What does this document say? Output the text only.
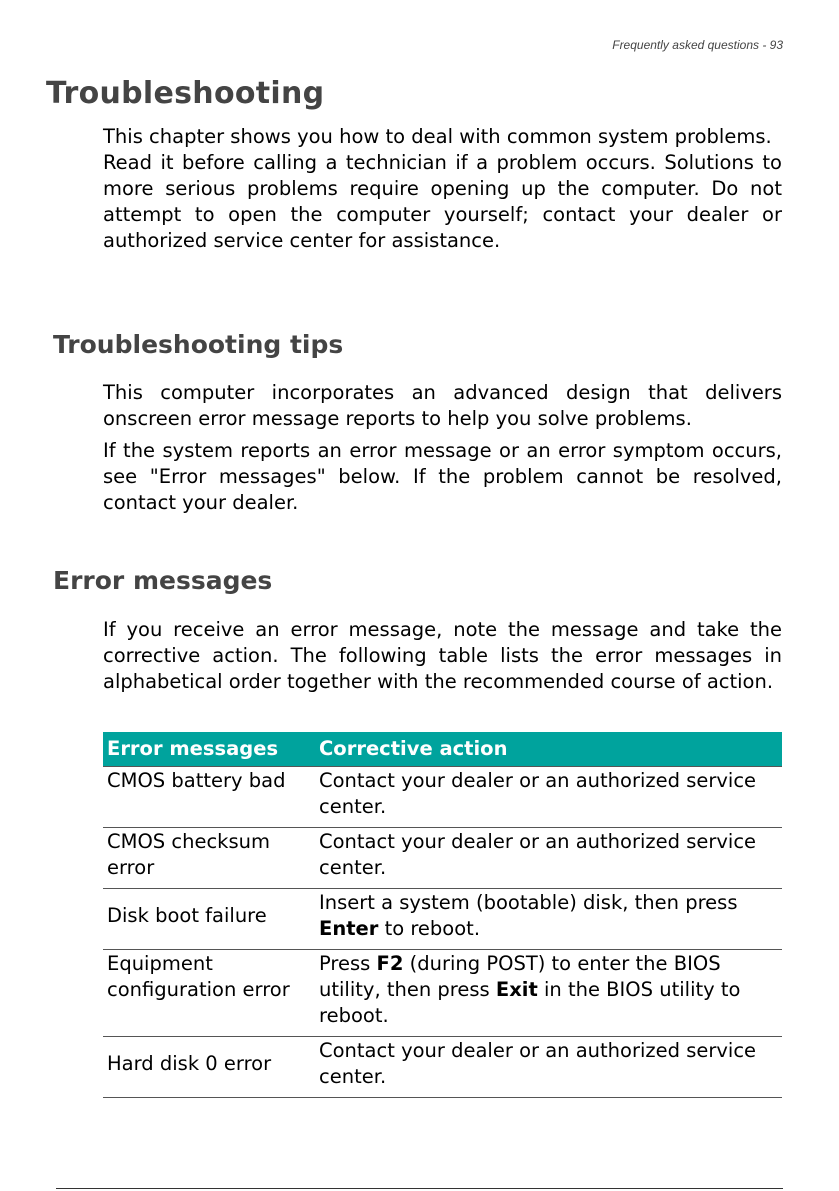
Frequently asked questions - 93
Troubleshooting
This chapter shows you how to deal with common system problems.
Read it before calling a technician if a problem occurs. Solutions to more serious problems require opening up the computer. Do not attempt to open the computer yourself; contact your dealer or authorized service center for assistance.
Troubleshooting tips
This computer incorporates an advanced design that delivers onscreen error message reports to help you solve problems.
If the system reports an error message or an error symptom occurs, see "Error messages" below. If the problem cannot be resolved, contact your dealer.
Error messages
If you receive an error message, note the message and take the corrective action. The following table lists the error messages in alphabetical order together with the recommended course of action.
Error messages	Corrective action
CMOS battery bad	Contact your dealer or an authorized service center.
CMOS checksum error	Contact your dealer or an authorized service center.
Disk boot failure	Insert a system (bootable) disk, then press Enter to reboot.
Equipment configuration error	Press F2 (during POST) to enter the BIOS utility, then press Exit in the BIOS utility to reboot.
Hard disk 0 error	Contact your dealer or an authorized service center.
